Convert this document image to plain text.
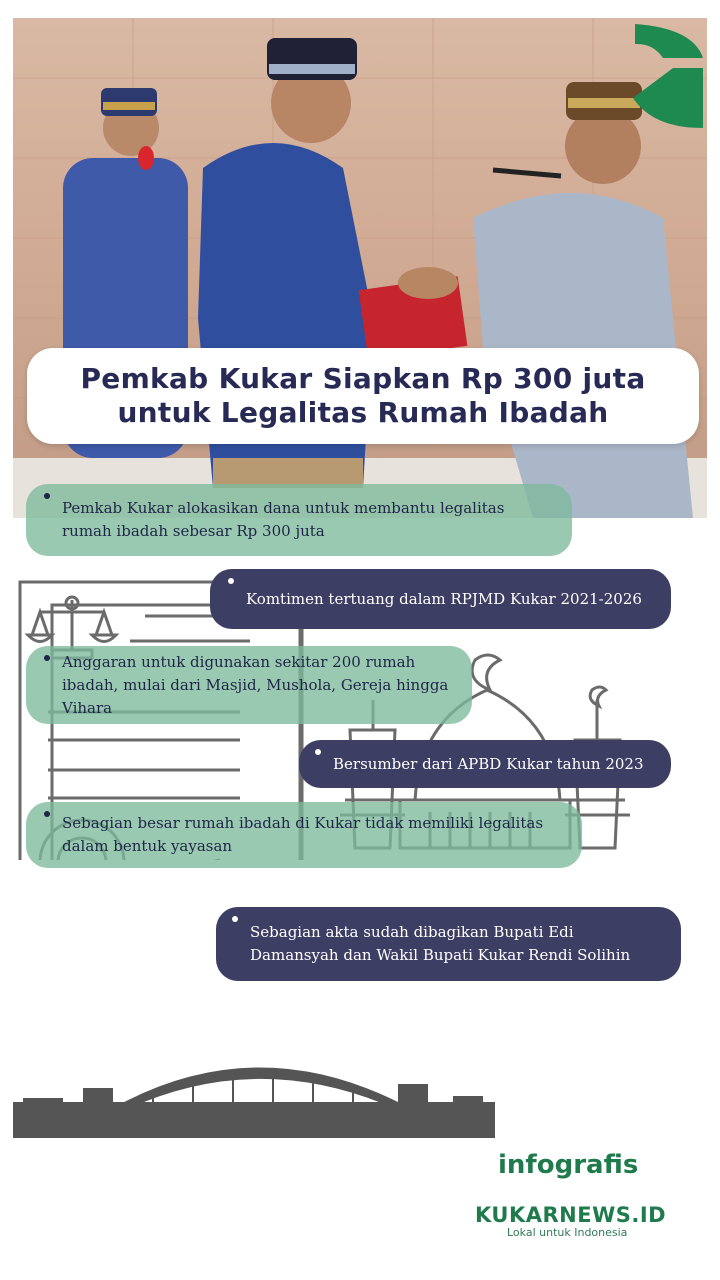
Pemkab Kukar Siapkan Rp 300 juta
untuk Legalitas Rumah Ibadah
Pemkab Kukar alokasikan dana untuk membantu legalitas rumah ibadah sebesar Rp 300 juta
Komtimen tertuang dalam RPJMD Kukar 2021-2026
Anggaran untuk digunakan sekitar 200 rumah ibadah, mulai dari Masjid, Mushola, Gereja hingga Vihara
Bersumber dari APBD Kukar tahun 2023
Sebagian besar rumah ibadah di Kukar tidak memiliki legalitas dalam bentuk yayasan
Sebagian akta sudah dibagikan Bupati Edi Damansyah dan Wakil Bupati Kukar Rendi Solihin
infografis
KUKARNEWS.ID
Lokal untuk Indonesia
